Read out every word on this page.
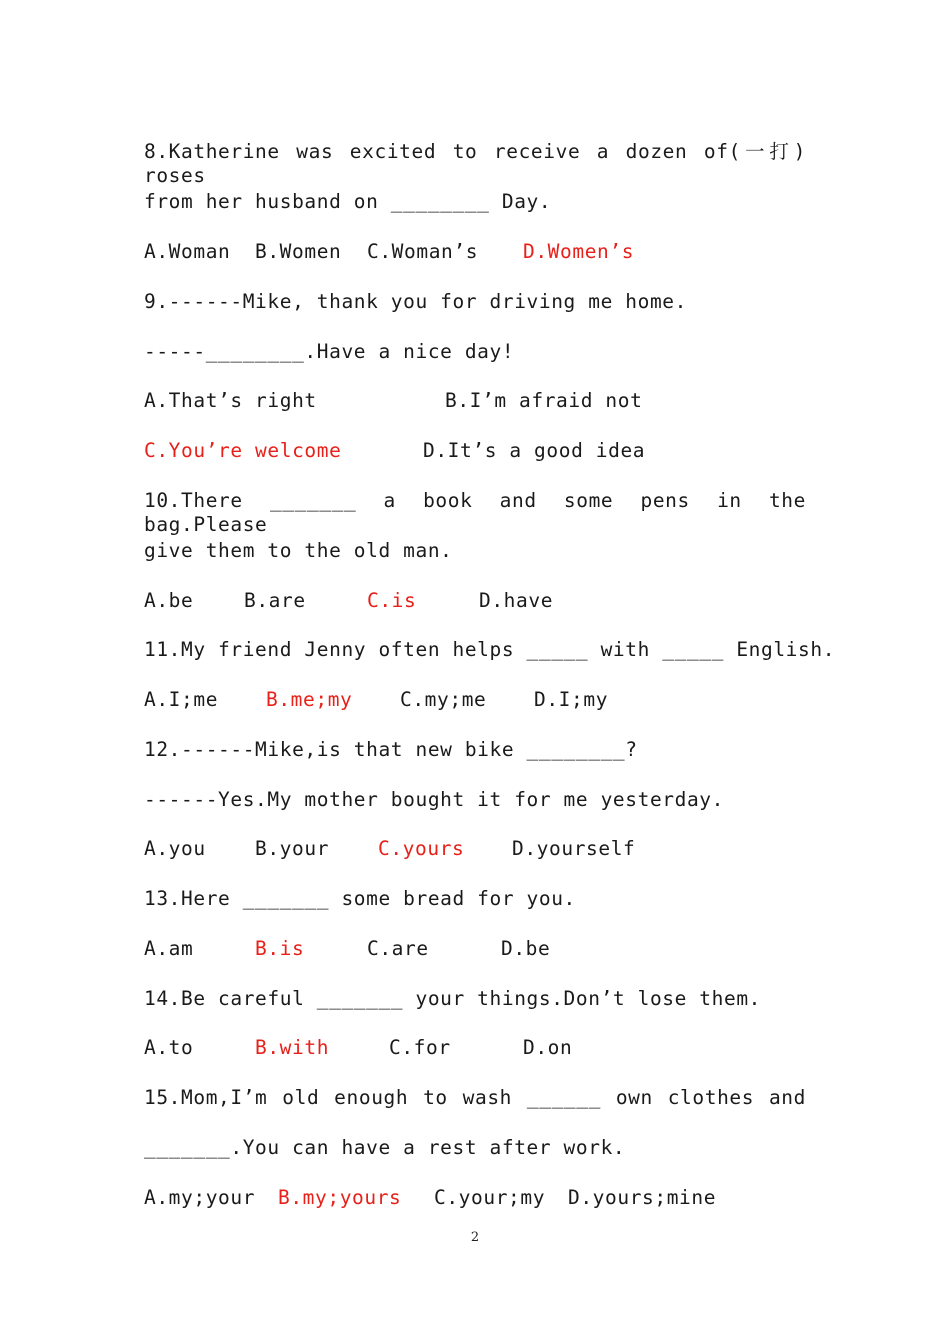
8.Katherine was excited to receive a dozen of(一打) roses
from her husband on ________ Day.

A.Woman

B.Women

C.Woman’s

D.Women’s

9.------Mike, thank you for driving me home.
-----________.Have a nice day!

A.That’s right

	B.I’m afraid not

C.You’re welcome

	D.It’s a good idea

10.There _______ a book and some pens in the bag.Please
give them to the old man.

A.be

	B.are

	C.is

	D.have

11.My friend Jenny often helps _____ with _____ English.

A.I;me

B.me;my

C.my;me

D.I;my

12.------Mike,is that new bike ________?
------Yes.My mother bought it for me yesterday.

A.you

	B.your

	C.yours

D.yourself

13.Here _______ some bread for you.

A.am

	B.is

	C.are

	D.be

14.Be careful _______ your things.Don’t lose them.

A.to

	B.with

	C.for

	D.on

15.Mom,I’m old enough to wash ______ own clothes and
_______.You can have a rest after work.

A.my;your

B.my;yours

C.your;my

D.yours;mine

2
